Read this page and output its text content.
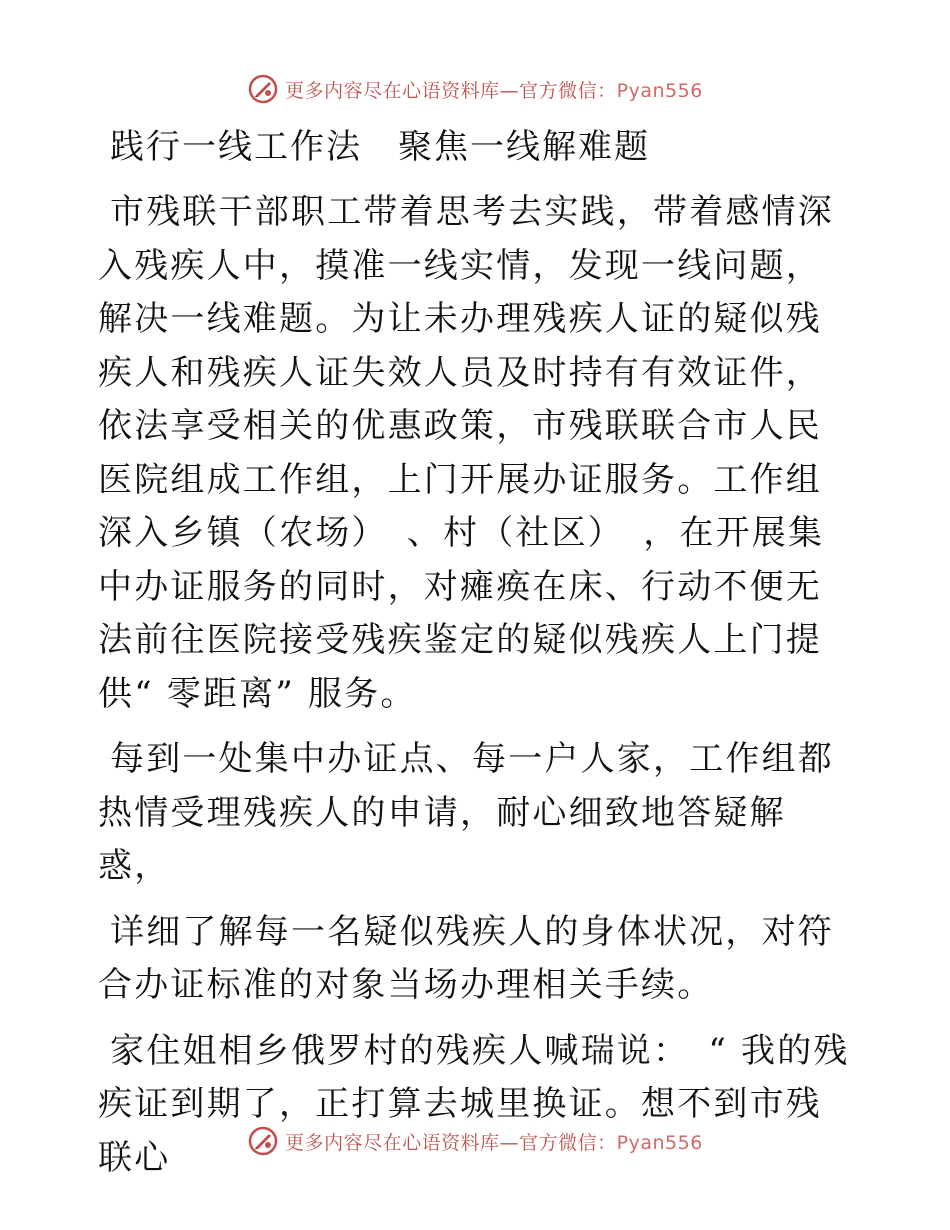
更多内容尽在心语资料库—官方微信：Pyan556
践行一线工作法　聚焦一线解难题

市残联干部职工带着思考去实践，带着感情深入残疾人中，摸准一线实情，发现一线问题，解决一线难题。为让未办理残疾人证的疑似残疾人和残疾人证失效人员及时持有有效证件，依法享受相关的优惠政策，市残联联合市人民医院组成工作组，上门开展办证服务。工作组深入乡镇（农场）　、村（社区）　，在开展集中办证服务的同时，对瘫痪在床、行动不便无法前往医院接受残疾鉴定的疑似残疾人上门提供“ 零距离” 服务。

每到一处集中办证点、每一户人家，工作组都热情受理残疾人的申请，耐心细致地答疑解惑，

详细了解每一名疑似残疾人的身体状况，对符合办证标准的对象当场办理相关手续。

家住姐相乡俄罗村的残疾人喊瑞说：　“ 我的残疾证到期了，正打算去城里换证。想不到市残联心	更多内容尽在心语资料库—官方微信：Pyan556
